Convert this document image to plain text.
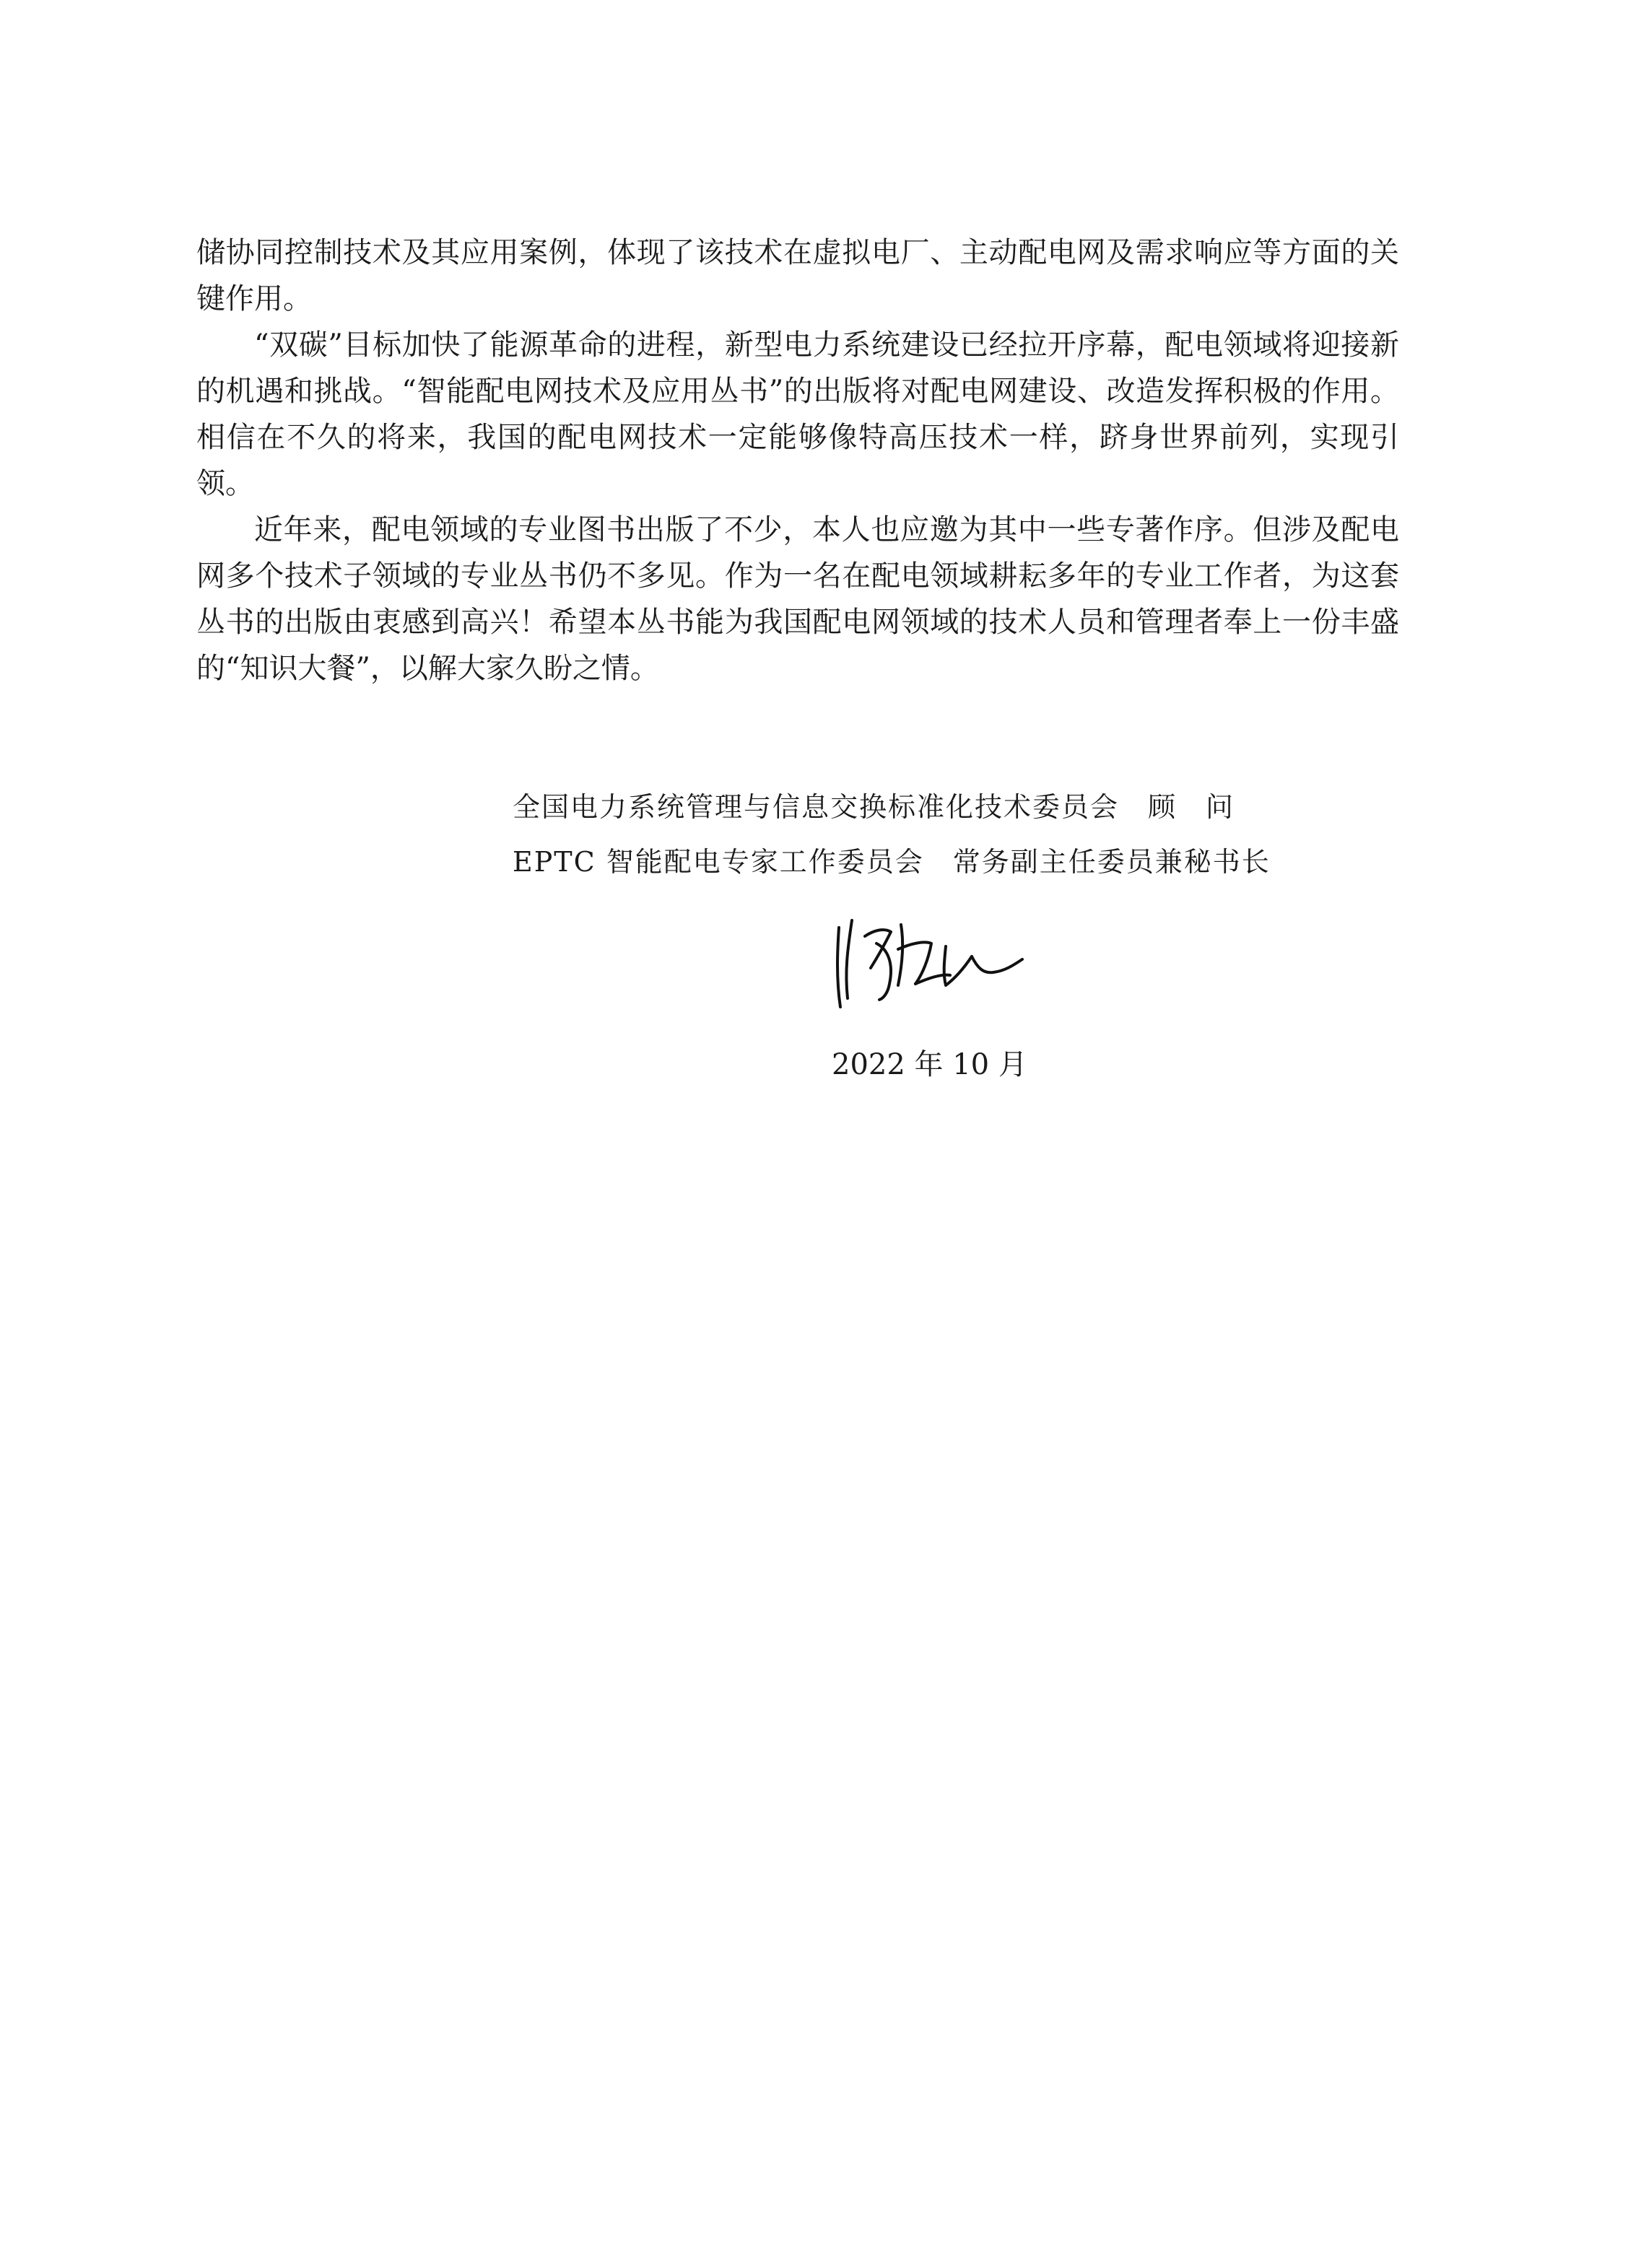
储协同控制技术及其应用案例，体现了该技术在虚拟电厂、主动配电网及需求响应等方面的关键作用。

“双碳”目标加快了能源革命的进程，新型电力系统建设已经拉开序幕，配电领域将迎接新的机遇和挑战。“智能配电网技术及应用丛书”的出版将对配电网建设、改造发挥积极的作用。相信在不久的将来，我国的配电网技术一定能够像特高压技术一样，跻身世界前列，实现引领。

近年来，配电领域的专业图书出版了不少，本人也应邀为其中一些专著作序。但涉及配电网多个技术子领域的专业丛书仍不多见。作为一名在配电领域耕耘多年的专业工作者，为这套丛书的出版由衷感到高兴！希望本丛书能为我国配电网领域的技术人员和管理者奉上一份丰盛的“知识大餐”，以解大家久盼之情。

全国电力系统管理与信息交换标准化技术委员会　顾　问
EPTC 智能配电专家工作委员会　常务副主任委员兼秘书长
2022 年 10 月
